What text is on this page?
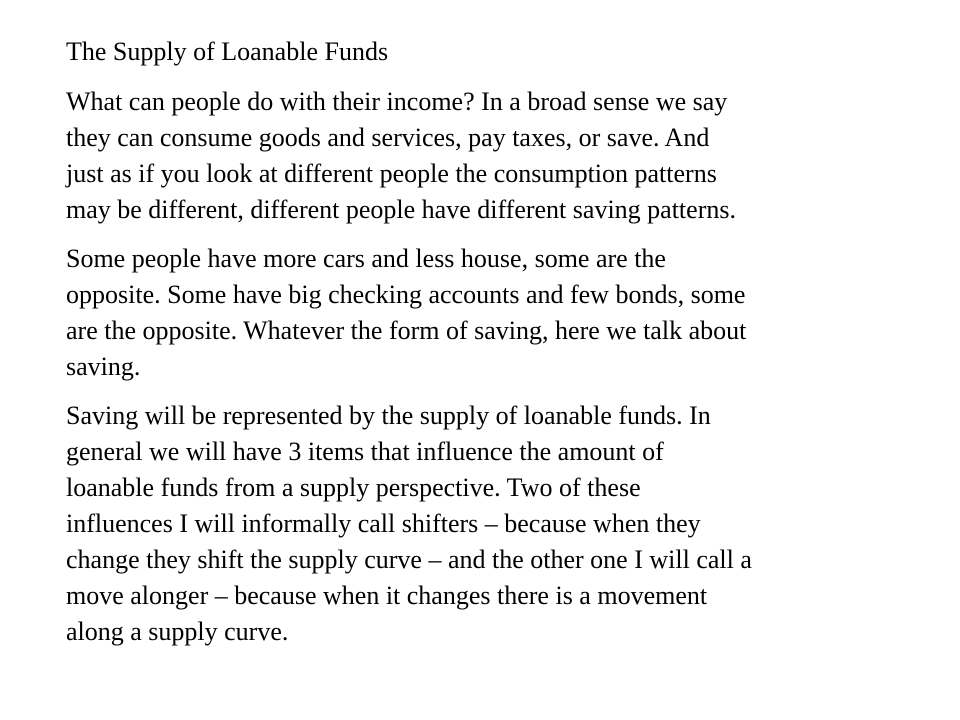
The Supply of Loanable Funds
What can people do with their income? In a broad sense we say
they can consume goods and services, pay taxes, or save. And
just as if you look at different people the consumption patterns
may be different, different people have different saving patterns.
Some people have more cars and less house, some are the
opposite. Some have big checking accounts and few bonds, some
are the opposite. Whatever the form of saving, here we talk about
saving.
Saving will be represented by the supply of loanable funds. In
general we will have 3 items that influence the amount of
loanable funds from a supply perspective. Two of these
influences I will informally call shifters – because when they
change they shift the supply curve – and the other one I will call a
move alonger – because when it changes there is a movement
along a supply curve.
